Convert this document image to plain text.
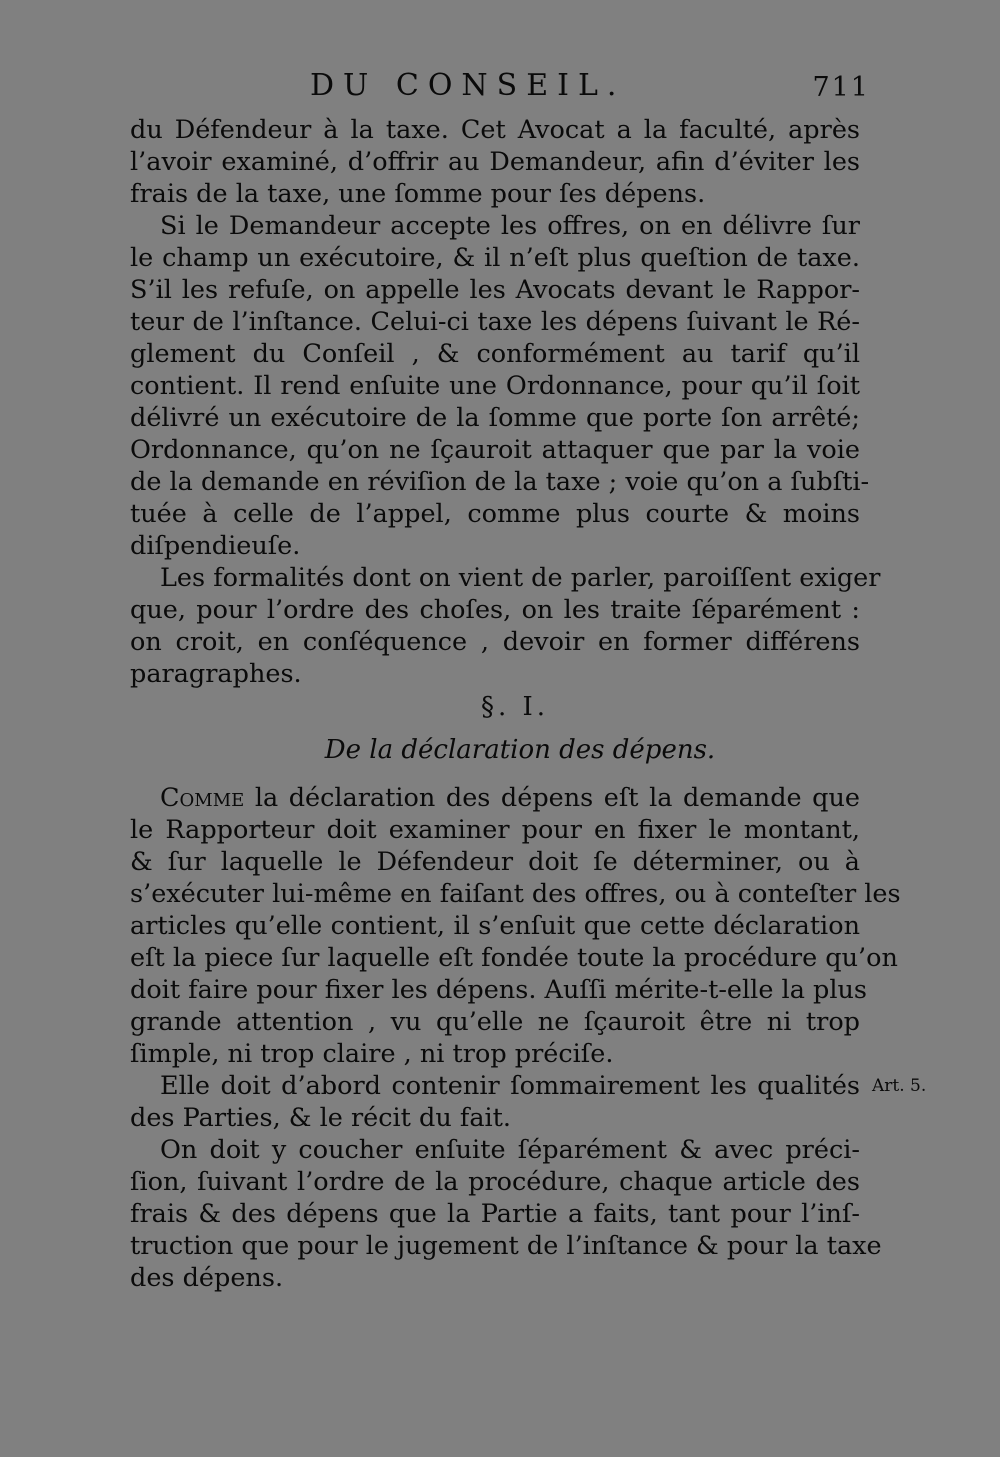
DU CONSEIL.	711
du Défendeur à la taxe. Cet Avocat a la faculté, après
l’avoir examiné, d’offrir au Demandeur, afin d’éviter les
frais de la taxe, une ſomme pour ſes dépens.
Si le Demandeur accepte les offres, on en délivre ſur
le champ un exécutoire, & il n’eſt plus queſtion de taxe.
S’il les refuſe, on appelle les Avocats devant le Rappor-
teur de l’inſtance. Celui-ci taxe les dépens ſuivant le Ré-
glement du Conſeil , & conformément au tarif qu’il
contient. Il rend enſuite une Ordonnance, pour qu’il ſoit
délivré un exécutoire de la ſomme que porte ſon arrêté;
Ordonnance, qu’on ne ſçauroit attaquer que par la voie
de la demande en réviſion de la taxe ; voie qu’on a ſubſti-
tuée à celle de l’appel, comme plus courte & moins
diſpendieuſe.
Les formalités dont on vient de parler, paroiſſent exiger
que, pour l’ordre des choſes, on les traite ſéparément :
on croit, en conſéquence , devoir en former différens
paragraphes.
§. I.
De la déclaration des dépens.
Comme la déclaration des dépens eſt la demande que
le Rapporteur doit examiner pour en fixer le montant,
& ſur laquelle le Défendeur doit ſe déterminer, ou à
s’exécuter lui-même en faiſant des offres, ou à conteſter les
articles qu’elle contient, il s’enſuit que cette déclaration
eſt la piece ſur laquelle eſt fondée toute la procédure qu’on
doit faire pour fixer les dépens. Auſſi mérite-t-elle la plus
grande attention , vu qu’elle ne ſçauroit être ni trop
ſimple, ni trop claire , ni trop préciſe.
Elle doit d’abord contenir ſommairement les qualités
des Parties, & le récit du fait.
On doit y coucher enſuite ſéparément & avec préci-
ſion, ſuivant l’ordre de la procédure, chaque article des
frais & des dépens que la Partie a faits, tant pour l’inſ-
truction que pour le jugement de l’inſtance & pour la taxe
des dépens.
Art. 5.
